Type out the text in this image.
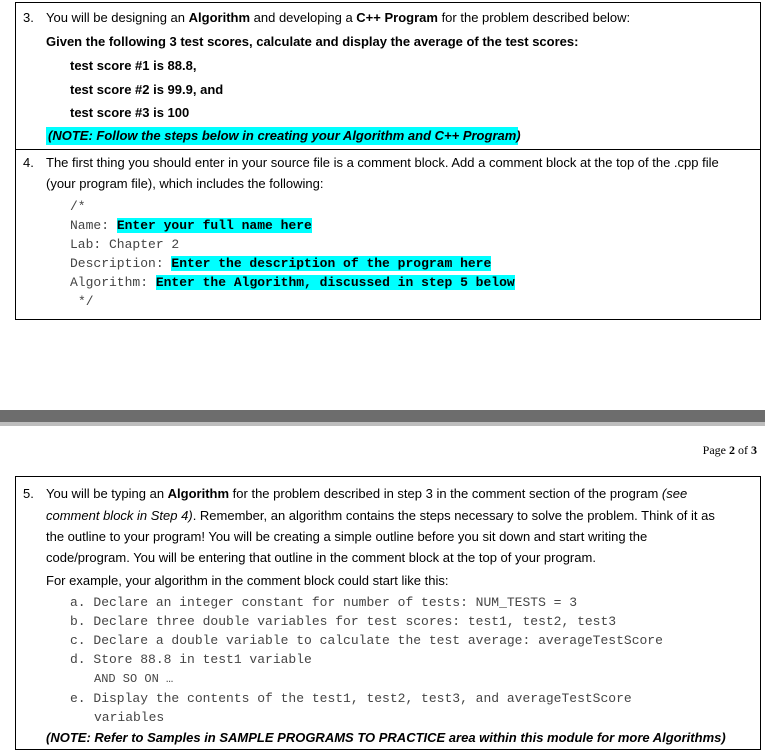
3. You will be designing an Algorithm and developing a C++ Program for the problem described below:
Given the following 3 test scores, calculate and display the average of the test scores:
test score #1 is 88.8,
test score #2 is 99.9, and
test score #3 is 100
(NOTE: Follow the steps below in creating your Algorithm and C++ Program)
4. The first thing you should enter in your source file is a comment block. Add a comment block at the top of the .cpp file
(your program file), which includes the following:
/*
Name: Enter your full name here
Lab: Chapter 2
Description: Enter the description of the program here
Algorithm: Enter the Algorithm, discussed in step 5 below
*/
Page 2 of 3
5. You will be typing an Algorithm for the problem described in step 3 in the comment section of the program (see
comment block in Step 4). Remember, an algorithm contains the steps necessary to solve the problem. Think of it as
the outline to your program! You will be creating a simple outline before you sit down and start writing the
code/program. You will be entering that outline in the comment block at the top of your program.
For example, your algorithm in the comment block could start like this:
a. Declare an integer constant for number of tests: NUM_TESTS = 3
b. Declare three double variables for test scores: test1, test2, test3
c. Declare a double variable to calculate the test average: averageTestScore
d. Store 88.8 in test1 variable
AND SO ON …
e. Display the contents of the test1, test2, test3, and averageTestScore
variables
(NOTE: Refer to Samples in SAMPLE PROGRAMS TO PRACTICE area within this module for more Algorithms)
